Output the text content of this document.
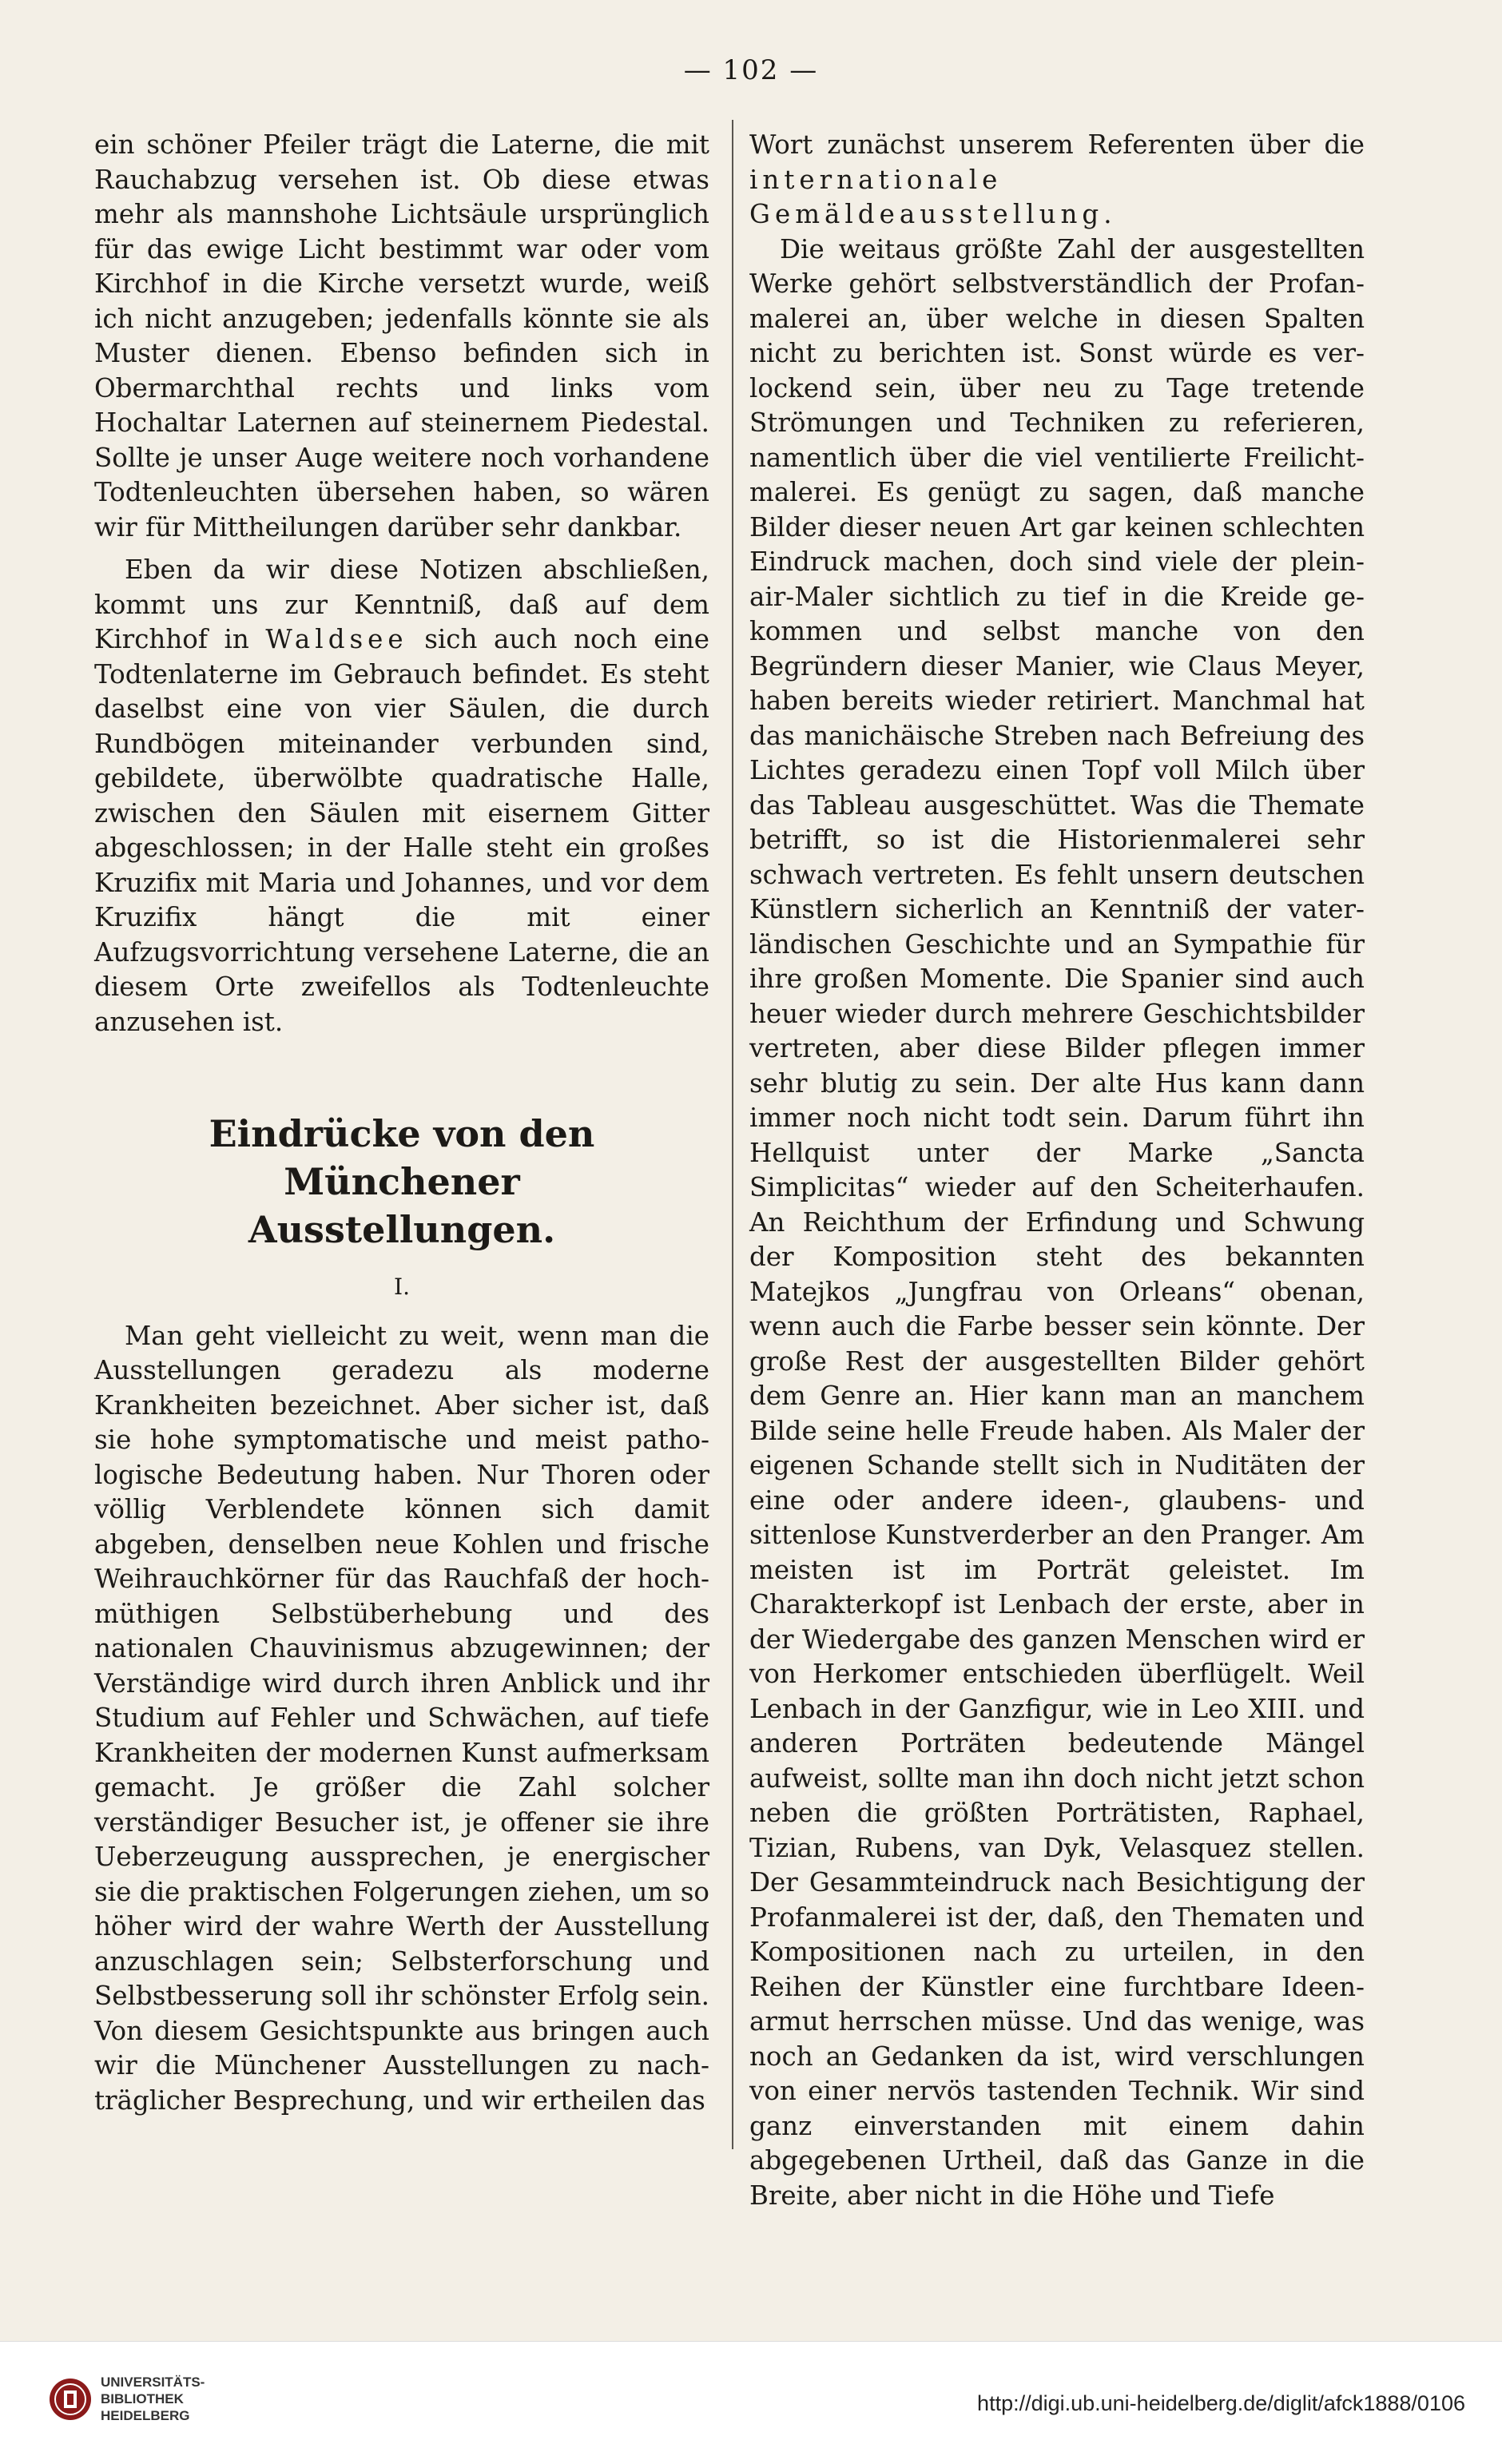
— 102 —

ein schöner Pfeiler trägt die Laterne, die mit Rauchabzug versehen ist. Ob diese etwas mehr als mannshohe Lichtsäule ursprünglich für das ewige Licht bestimmt war oder vom Kirchhof in die Kirche versetzt wurde, weiß ich nicht anzugeben; jedenfalls könnte sie als Muster dienen. Ebenso befinden sich in Obermarchthal rechts und links vom Hochaltar Laternen auf steinernem Piedestal. Sollte je unser Auge weitere noch vorhandene Todtenleuchten übersehen haben, so wären wir für Mittheilungen darüber sehr dankbar.

Eben da wir diese Notizen abschließen, kommt uns zur Kenntniß, daß auf dem Kirchhof in Waldsee sich auch noch eine Todtenlaterne im Gebrauch befindet. Es steht daselbst eine von vier Säulen, die durch Rundbögen miteinander verbunden sind, gebildete, überwölbte quadratische Halle, zwischen den Säulen mit eisernem Gitter abgeschlossen; in der Halle steht ein großes Kruzifix mit Maria und Johannes, und vor dem Kruzifix hängt die mit einer Aufzugsvorrichtung versehene Laterne, die an diesem Orte zweifellos als Todtenleuchte anzusehen ist.

Eindrücke von den Münchener
Ausstellungen.
I.

Man geht vielleicht zu weit, wenn man die Ausstellungen geradezu als moderne Krankheiten bezeichnet. Aber sicher ist, daß sie hohe symptomatische und meist pathologische Bedeutung haben. Nur Thoren oder völlig Verblendete können sich damit abgeben, denselben neue Kohlen und frische Weihrauchkörner für das Rauchfaß der hochmüthigen Selbstüberhebung und des nationalen Chauvinismus abzugewinnen; der Verständige wird durch ihren Anblick und ihr Studium auf Fehler und Schwächen, auf tiefe Krankheiten der modernen Kunst aufmerksam gemacht. Je größer die Zahl solcher verständiger Besucher ist, je offener sie ihre Ueberzeugung aussprechen, je energischer sie die praktischen Folgerungen ziehen, um so höher wird der wahre Werth der Ausstellung anzuschlagen sein; Selbsterforschung und Selbstbesserung soll ihr schönster Erfolg sein. Von diesem Gesichtspunkte aus bringen auch wir die Münchener Ausstellungen zu nachträglicher Besprechung, und wir ertheilen das

Wort zunächst unserem Referenten über die internationale Gemäldeausstellung.

Die weitaus größte Zahl der ausgestellten Werke gehört selbstverständlich der Profanmalerei an, über welche in diesen Spalten nicht zu berichten ist. Sonst würde es verlockend sein, über neu zu Tage tretende Strömungen und Techniken zu referieren, namentlich über die viel ventilierte Freilichtmalerei. Es genügt zu sagen, daß manche Bilder dieser neuen Art gar keinen schlechten Eindruck machen, doch sind viele der plein-air-Maler sichtlich zu tief in die Kreide gekommen und selbst manche von den Begründern dieser Manier, wie Claus Meyer, haben bereits wieder retiriert. Manchmal hat das manichäische Streben nach Befreiung des Lichtes geradezu einen Topf voll Milch über das Tableau ausgeschüttet. Was die Themate betrifft, so ist die Historienmalerei sehr schwach vertreten. Es fehlt unsern deutschen Künstlern sicherlich an Kenntniß der vaterländischen Geschichte und an Sympathie für ihre großen Momente. Die Spanier sind auch heuer wieder durch mehrere Geschichtsbilder vertreten, aber diese Bilder pflegen immer sehr blutig zu sein. Der alte Hus kann dann immer noch nicht todt sein. Darum führt ihn Hellquist unter der Marke „Sancta Simplicitas“ wieder auf den Scheiterhaufen. An Reichthum der Erfindung und Schwung der Komposition steht des bekannten Matejkos „Jungfrau von Orleans“ obenan, wenn auch die Farbe besser sein könnte. Der große Rest der ausgestellten Bilder gehört dem Genre an. Hier kann man an manchem Bilde seine helle Freude haben. Als Maler der eigenen Schande stellt sich in Nuditäten der eine oder andere ideen-, glaubens- und sittenlose Kunstverderber an den Pranger. Am meisten ist im Porträt geleistet. Im Charakterkopf ist Lenbach der erste, aber in der Wiedergabe des ganzen Menschen wird er von Herkomer entschieden überflügelt. Weil Lenbach in der Ganzfigur, wie in Leo XIII. und anderen Porträten bedeutende Mängel aufweist, sollte man ihn doch nicht jetzt schon neben die größten Porträtisten, Raphael, Tizian, Rubens, van Dyk, Velasquez stellen. Der Gesammteindruck nach Besichtigung der Profanmalerei ist der, daß, den Thematen und Kompositionen nach zu urteilen, in den Reihen der Künstler eine furchtbare Ideenarmut herrschen müsse. Und das wenige, was noch an Gedanken da ist, wird verschlungen von einer nervös tastenden Technik. Wir sind ganz einverstanden mit einem dahin abgegebenen Urtheil, daß das Ganze in die Breite, aber nicht in die Höhe und Tiefe

UNIVERSITÄTS-
BIBLIOTHEK
HEIDELBERG
http://digi.ub.uni-heidelberg.de/diglit/afck1888/0106
